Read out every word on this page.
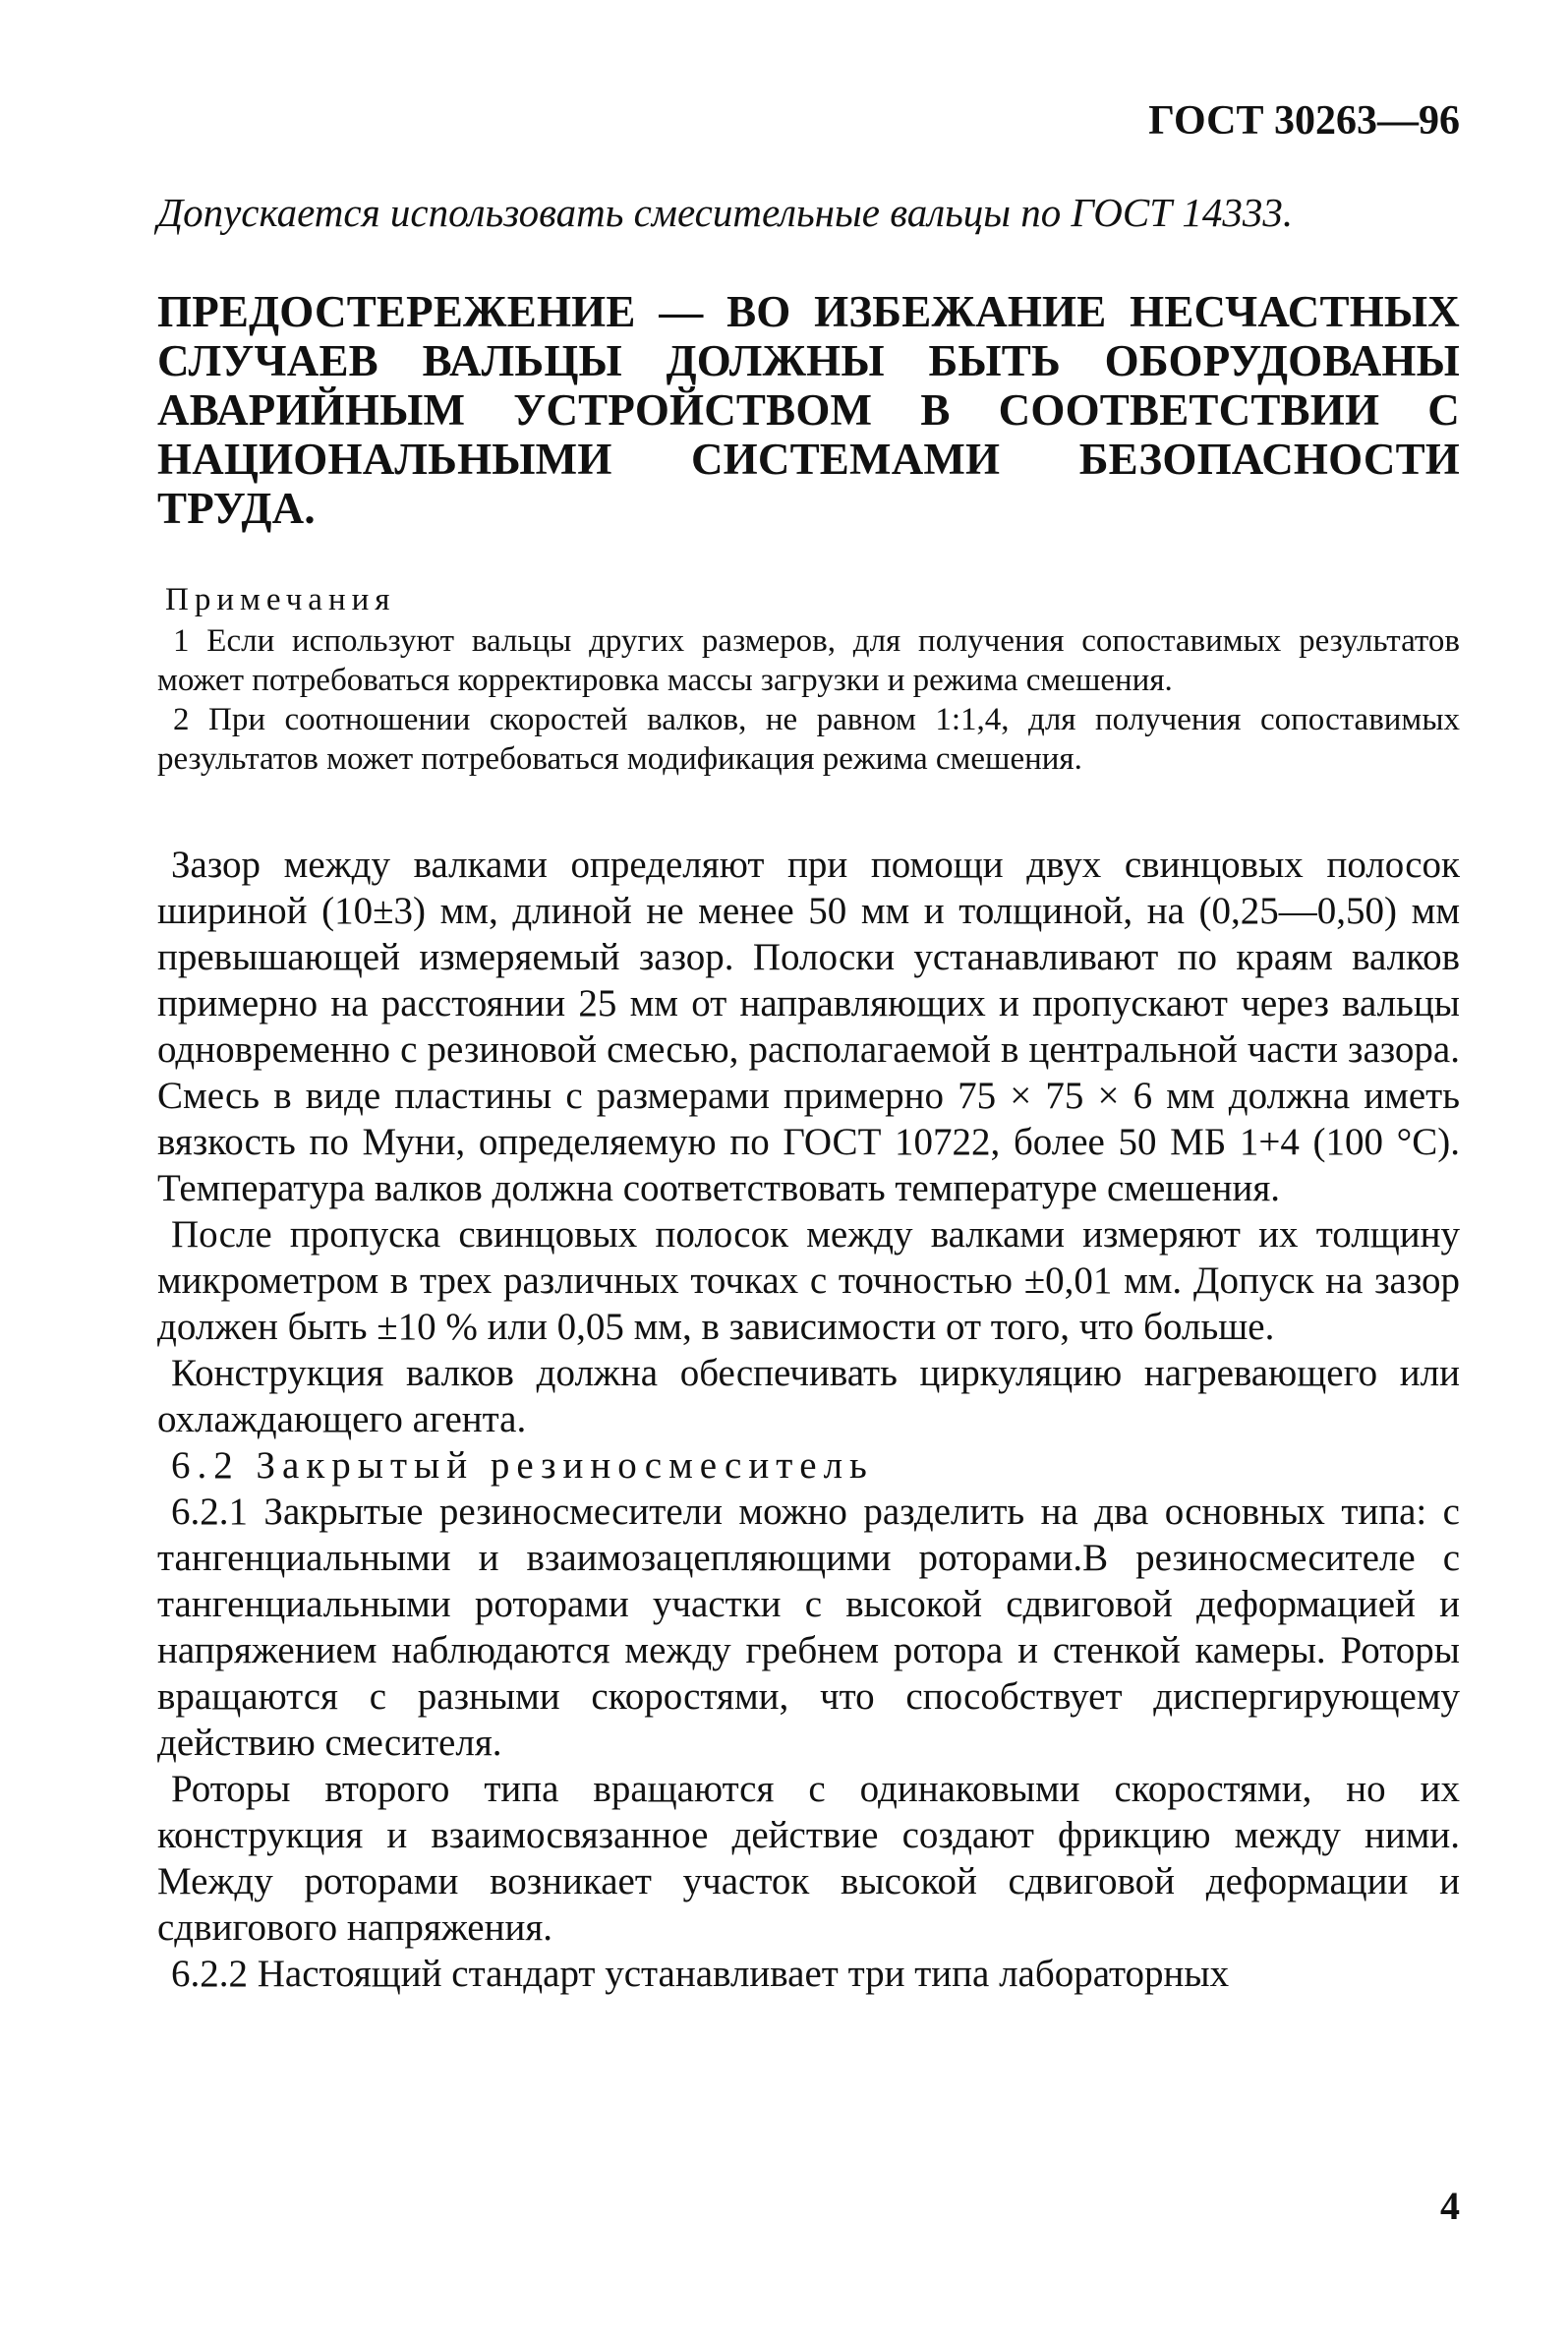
ГОСТ 30263—96

Допускается использовать смесительные вальцы по ГОСТ 14333.

ПРЕДОСТЕРЕЖЕНИЕ — ВО ИЗБЕЖАНИЕ НЕСЧАСТНЫХ СЛУЧАЕВ ВАЛЬЦЫ ДОЛЖНЫ БЫТЬ ОБОРУДОВАНЫ АВАРИЙНЫМ УСТРОЙСТВОМ В СООТВЕТСТВИИ С НАЦИОНАЛЬНЫМИ СИСТЕМАМИ БЕЗОПАСНОСТИ ТРУДА.

Примечания

1 Если используют вальцы других размеров, для получения сопоставимых результатов может потребоваться корректировка массы загрузки и режима смешения.

2 При соотношении скоростей валков, не равном 1:1,4, для получения сопоставимых результатов может потребоваться модификация режима смешения.

Зазор между валками определяют при помощи двух свинцовых полосок шириной (10±3) мм, длиной не менее 50 мм и толщиной, на (0,25—0,50) мм превышающей измеряемый зазор. Полоски устанавливают по краям валков примерно на расстоянии 25 мм от направляющих и пропускают через вальцы одновременно с резиновой смесью, располагаемой в центральной части зазора. Смесь в виде пластины с размерами примерно 75 × 75 × 6 мм должна иметь вязкость по Муни, определяемую по ГОСТ 10722, более 50 МБ 1+4 (100 °С). Температура валков должна соответствовать температуре смешения.

После пропуска свинцовых полосок между валками измеряют их толщину микрометром в трех различных точках с точностью ±0,01 мм. Допуск на зазор должен быть ±10 % или 0,05 мм, в зависимости от того, что больше.

Конструкция валков должна обеспечивать циркуляцию нагревающего или охлаждающего агента.

6.2 Закрытый резиносмеситель

6.2.1 Закрытые резиносмесители можно разделить на два основных типа: с тангенциальными и взаимозацепляющими роторами.В резиносмесителе с тангенциальными роторами участки с высокой сдвиговой деформацией и напряжением наблюдаются между гребнем ротора и стенкой камеры. Роторы вращаются с разными скоростями, что способствует диспергирующему действию смесителя.

Роторы второго типа вращаются с одинаковыми скоростями, но их конструкция и взаимосвязанное действие создают фрикцию между ними. Между роторами возникает участок высокой сдвиговой деформации и сдвигового напряжения.

6.2.2 Настоящий стандарт устанавливает три типа лабораторных

4
